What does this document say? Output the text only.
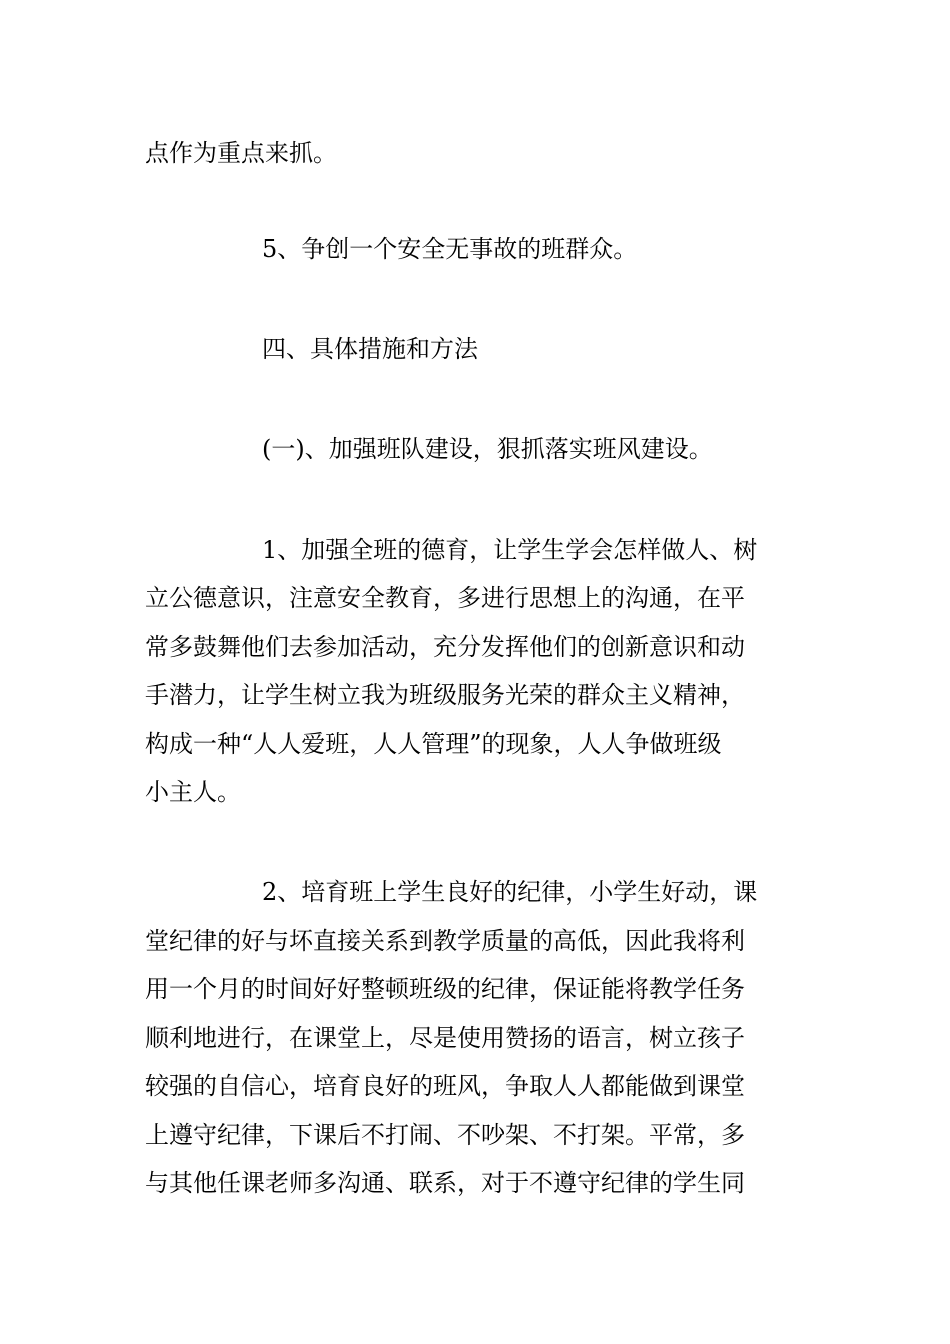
点作为重点来抓。
5、争创一个安全无事故的班群众。
四、具体措施和方法
(一)、加强班队建设，狠抓落实班风建设。
1、加强全班的德育，让学生学会怎样做人、树
立公德意识，注意安全教育，多进行思想上的沟通，在平
常多鼓舞他们去参加活动，充分发挥他们的创新意识和动
手潜力，让学生树立我为班级服务光荣的群众主义精神，
构成一种“人人爱班，人人管理”的现象，人人争做班级
小主人。
2、培育班上学生良好的纪律，小学生好动，课
堂纪律的好与坏直接关系到教学质量的高低，因此我将利
用一个月的时间好好整顿班级的纪律，保证能将教学任务
顺利地进行，在课堂上，尽是使用赞扬的语言，树立孩子
较强的自信心，培育良好的班风，争取人人都能做到课堂
上遵守纪律，下课后不打闹、不吵架、不打架。平常，多
与其他任课老师多沟通、联系，对于不遵守纪律的学生同
